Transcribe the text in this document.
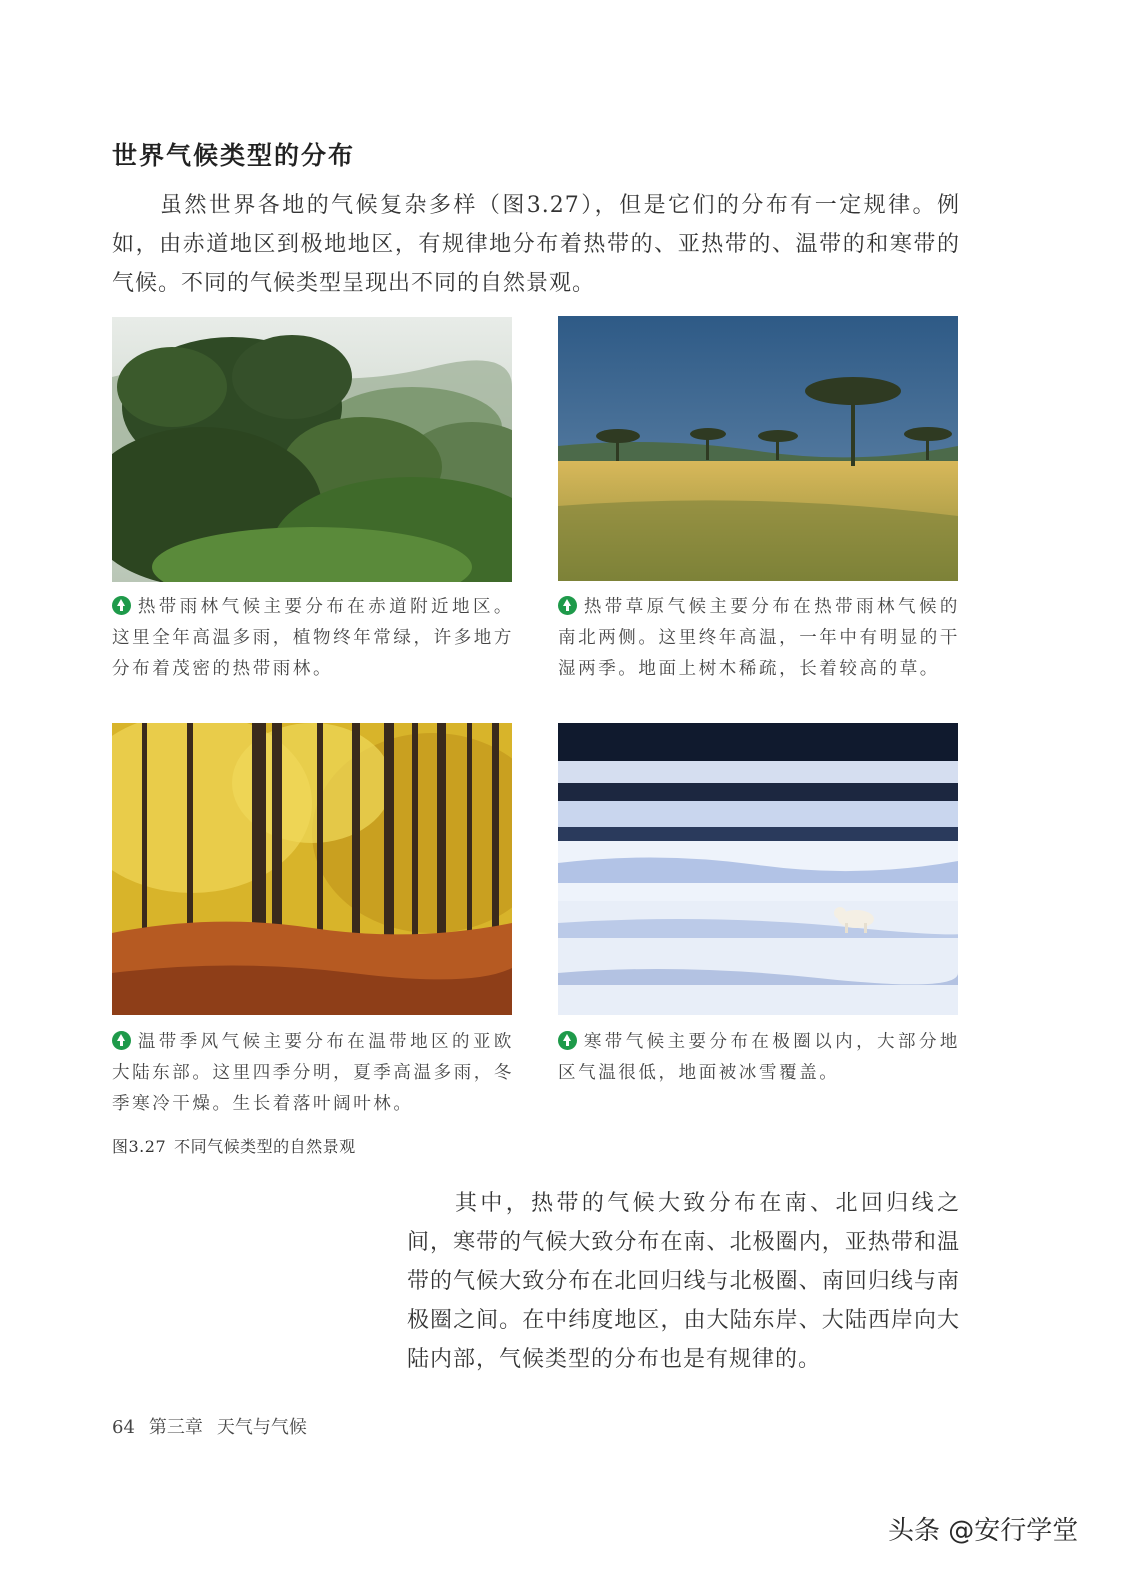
世界气候类型的分布

虽然世界各地的气候复杂多样（图3.27），但是它们的分布有一定规律。例如，由赤道地区到极地地区，有规律地分布着热带的、亚热带的、温带的和寒带的气候。不同的气候类型呈现出不同的自然景观。

热带雨林气候主要分布在赤道附近地区。这里全年高温多雨，植物终年常绿，许多地方分布着茂密的热带雨林。

热带草原气候主要分布在热带雨林气候的南北两侧。这里终年高温，一年中有明显的干湿两季。地面上树木稀疏，长着较高的草。

温带季风气候主要分布在温带地区的亚欧大陆东部。这里四季分明，夏季高温多雨，冬季寒冷干燥。生长着落叶阔叶林。

寒带气候主要分布在极圈以内，大部分地区气温很低，地面被冰雪覆盖。

图3.27 不同气候类型的自然景观

其中，热带的气候大致分布在南、北回归线之间，寒带的气候大致分布在南、北极圈内，亚热带和温带的气候大致分布在北回归线与北极圈、南回归线与南极圈之间。在中纬度地区，由大陆东岸、大陆西岸向大陆内部，气候类型的分布也是有规律的。

64 第三章 天气与气候
头条 @安行学堂
